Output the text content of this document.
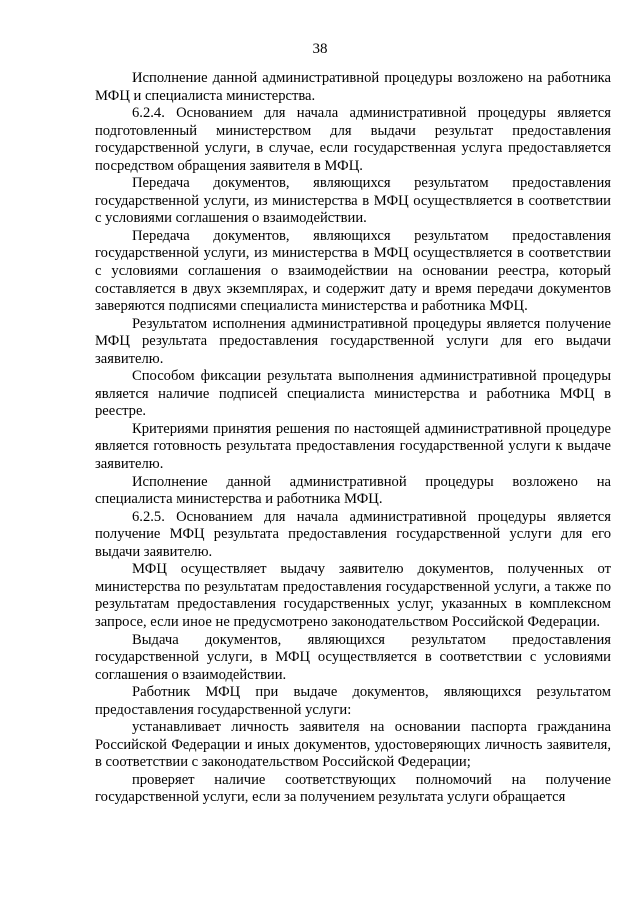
38

Исполнение данной административной процедуры возложено на работника МФЦ и специалиста министерства.

6.2.4. Основанием для начала административной процедуры является подготовленный министерством для выдачи результат предоставления государственной услуги, в случае, если государственная услуга предоставляется посредством обращения заявителя в МФЦ.

Передача документов, являющихся результатом предоставления государственной услуги, из министерства в МФЦ осуществляется в соответствии с условиями соглашения о взаимодействии.

Передача документов, являющихся результатом предоставления государственной услуги, из министерства в МФЦ осуществляется в соответствии с условиями соглашения о взаимодействии на основании реестра, который составляется в двух экземплярах, и содержит дату и время передачи документов заверяются подписями специалиста министерства и работника МФЦ.

Результатом исполнения административной процедуры является получение МФЦ результата предоставления государственной услуги для его выдачи заявителю.

Способом фиксации результата выполнения административной процедуры является наличие подписей специалиста министерства и работника МФЦ в реестре.

Критериями принятия решения по настоящей административной процедуре является готовность результата предоставления государственной услуги к выдаче заявителю.

Исполнение данной административной процедуры возложено на специалиста министерства и работника МФЦ.

6.2.5. Основанием для начала административной процедуры является получение МФЦ результата предоставления государственной услуги для его выдачи заявителю.

МФЦ осуществляет выдачу заявителю документов, полученных от министерства по результатам предоставления государственной услуги, а также по результатам предоставления государственных услуг, указанных в комплексном запросе, если иное не предусмотрено законодательством Российской Федерации.

Выдача документов, являющихся результатом предоставления государственной услуги, в МФЦ осуществляется в соответствии с условиями соглашения о взаимодействии.

Работник МФЦ при выдаче документов, являющихся результатом предоставления государственной услуги:

устанавливает личность заявителя на основании паспорта гражданина Российской Федерации и иных документов, удостоверяющих личность заявителя, в соответствии с законодательством Российской Федерации;

проверяет наличие соответствующих полномочий на получение государственной услуги, если за получением результата услуги обращается
